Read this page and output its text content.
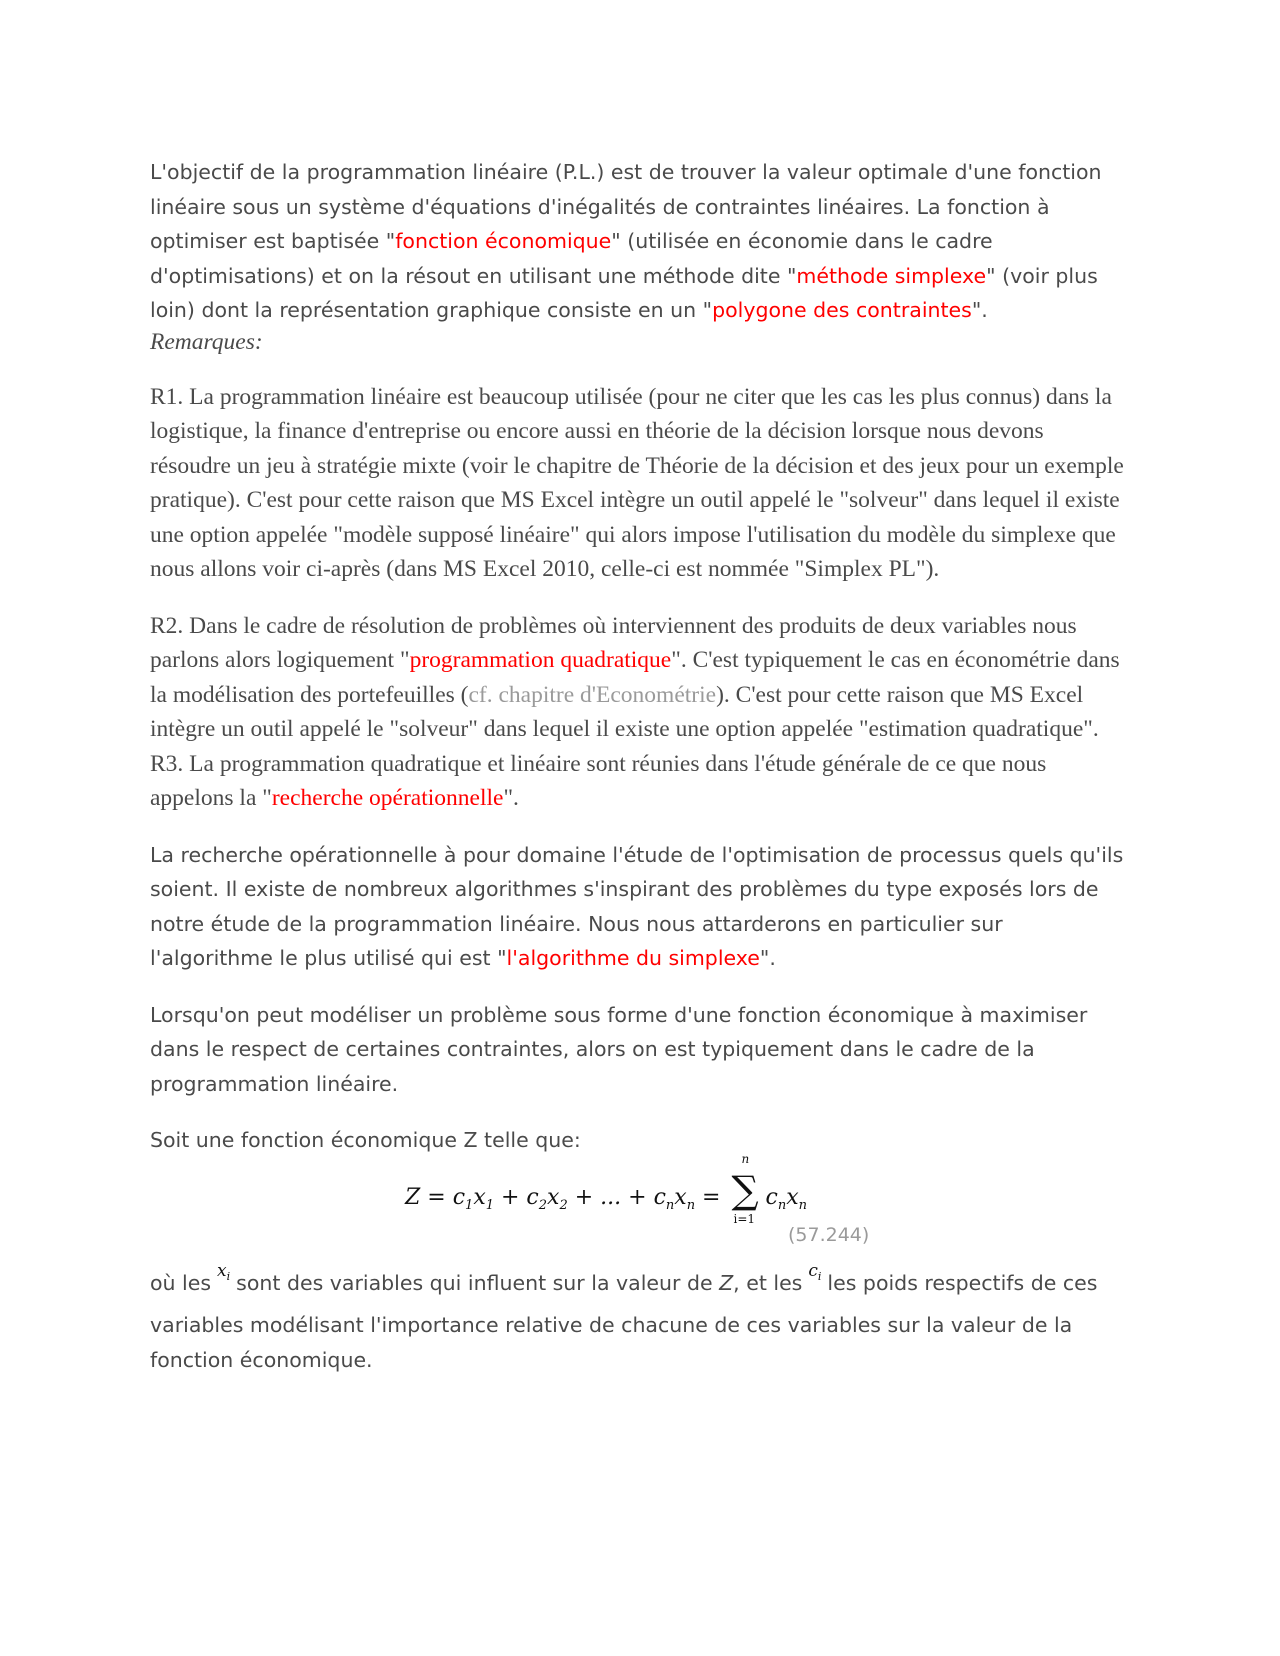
L'objectif de la programmation linéaire (P.L.) est de trouver la valeur optimale d'une fonction linéaire sous un système d'équations d'inégalités de contraintes linéaires. La fonction à optimiser est baptisée "fonction économique" (utilisée en économie dans le cadre d'optimisations) et on la résout en utilisant une méthode dite "méthode simplexe" (voir plus loin) dont la représentation graphique consiste en un "polygone des contraintes".

Remarques:

R1. La programmation linéaire est beaucoup utilisée (pour ne citer que les cas les plus connus) dans la logistique, la finance d'entreprise ou encore aussi en théorie de la décision lorsque nous devons résoudre un jeu à stratégie mixte (voir le chapitre de Théorie de la décision et des jeux pour un exemple pratique). C'est pour cette raison que MS Excel intègre un outil appelé le "solveur" dans lequel il existe une option appelée "modèle supposé linéaire" qui alors impose l'utilisation du modèle du simplexe que nous allons voir ci-après (dans MS Excel 2010, celle-ci est nommée "Simplex PL").

R2. Dans le cadre de résolution de problèmes où interviennent des produits de deux variables nous parlons alors logiquement "programmation quadratique". C'est typiquement le cas en économétrie dans la modélisation des portefeuilles (cf. chapitre d'Econométrie). C'est pour cette raison que MS Excel intègre un outil appelé le "solveur" dans lequel il existe une option appelée "estimation quadratique".

R3. La programmation quadratique et linéaire sont réunies dans l'étude générale de ce que nous appelons la "recherche opérationnelle".

La recherche opérationnelle à pour domaine l'étude de l'optimisation de processus quels qu'ils soient. Il existe de nombreux algorithmes s'inspirant des problèmes du type exposés lors de notre étude de la programmation linéaire. Nous nous attarderons en particulier sur l'algorithme le plus utilisé qui est "l'algorithme du simplexe".

Lorsqu'on peut modéliser un problème sous forme d'une fonction économique à maximiser dans le respect de certaines contraintes, alors on est typiquement dans le cadre de la programmation linéaire.

Soit une fonction économique Z telle que:

$Z = c_1x_1 + c_2x_2$ + ... + $c_nx_n$ =
n
∑
i=1
$c_nx_n$
(57.244)

où les $x_i$ sont des variables qui influent sur la valeur de Z, et les $c_i$ les poids respectifs de ces variables modélisant l'importance relative de chacune de ces variables sur la valeur de la fonction économique.
